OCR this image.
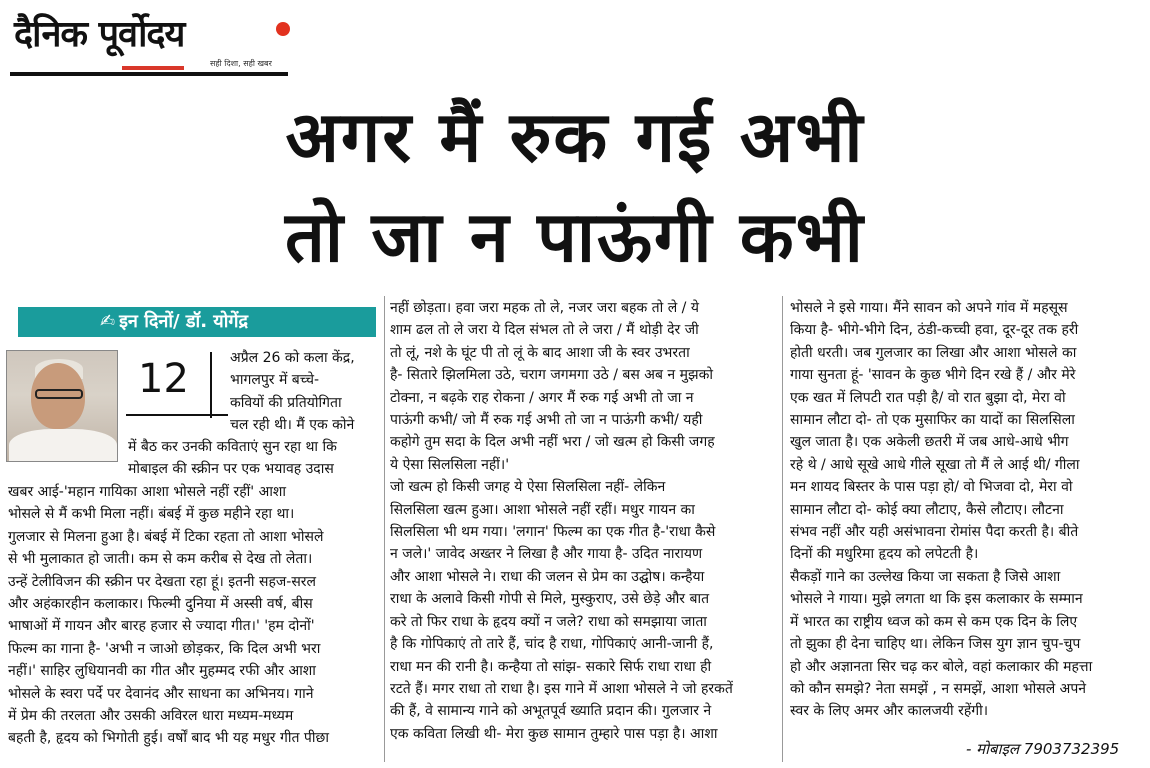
दैनिक पूर्वोदय
सही दिशा, सही खबर
अगर मैं रुक गई अभी
तो जा न पाऊंगी कभी
✍ इन दिनों/ डॉ. योगेंद्र
12	अप्रैल 26 को कला केंद्र,
भागलपुर में बच्चे-
कवियों की प्रतियोगिता
चल रही थी। मैं एक कोने
में बैठ कर उनकी कविताएं सुन रहा था कि
मोबाइल की स्क्रीन पर एक भयावह उदास
खबर आई-'महान गायिका आशा भोसले नहीं रहीं' आशा
भोसले से मैं कभी मिला नहीं। बंबई में कुछ महीने रहा था।
गुलजार से मिलना हुआ है। बंबई में टिका रहता तो आशा भोसले
से भी मुलाकात हो जाती। कम से कम करीब से देख तो लेता।
उन्हें टेलीविजन की स्क्रीन पर देखता रहा हूं। इतनी सहज-सरल
और अहंकारहीन कलाकार। फिल्मी दुनिया में अस्सी वर्ष, बीस
भाषाओं में गायन और बारह हजार से ज्यादा गीत।' 'हम दोनों'
फिल्म का गाना है- 'अभी न जाओ छोड़कर, कि दिल अभी भरा
नहीं।' साहिर लुधियानवी का गीत और मुहम्मद रफी और आशा
भोसले के स्वरा पर्दे पर देवानंद और साधना का अभिनय। गाने
में प्रेम की तरलता और उसकी अविरल धारा मध्यम-मध्यम
बहती है, हृदय को भिगोती हुई। वर्षों बाद भी यह मधुर गीत पीछा
नहीं छोड़ता। हवा जरा महक तो ले, नजर जरा बहक तो ले / ये
शाम ढल तो ले जरा ये दिल संभल तो ले जरा / मैं थोड़ी देर जी
तो लूं, नशे के घूंट पी तो लूं के बाद आशा जी के स्वर उभरता
है- सितारे झिलमिला उठे, चराग जगमगा उठे / बस अब न मुझको
टोक्ना, न बढ़के राह रोकना / अगर मैं रुक गई अभी तो जा न
पाऊंगी कभी/ जो मैं रुक गई अभी तो जा न पाऊंगी कभी/ यही
कहोगे तुम सदा के दिल अभी नहीं भरा / जो खत्म हो किसी जगह
ये ऐसा सिलसिला नहीं।'
जो खत्म हो किसी जगह ये ऐसा सिलसिला नहीं- लेकिन
सिलसिला खत्म हुआ। आशा भोसले नहीं रहीं। मधुर गायन का
सिलसिला भी थम गया। 'लगान' फिल्म का एक गीत है-'राधा कैसे
न जले।' जावेद अख्तर ने लिखा है और गाया है- उदित नारायण
और आशा भोसले ने। राधा की जलन से प्रेम का उद्घोष। कन्हैया
राधा के अलावे किसी गोपी से मिले, मुस्कुराए, उसे छेड़े और बात
करे तो फिर राधा के हृदय क्यों न जले? राधा को समझाया जाता
है कि गोपिकाएं तो तारे हैं, चांद है राधा, गोपिकाएं आनी-जानी हैं,
राधा मन की रानी है। कन्हैया तो सांझ- सकारे सिर्फ राधा राधा ही
रटते हैं। मगर राधा तो राधा है। इस गाने में आशा भोसले ने जो हरकतें
की हैं, वे सामान्य गाने को अभूतपूर्व ख्याति प्रदान की। गुलजार ने
एक कविता लिखी थी- मेरा कुछ सामान तुम्हारे पास पड़ा है। आशा
भोसले ने इसे गाया। मैंने सावन को अपने गांव में महसूस
किया है- भीगे-भीगे दिन, ठंडी-कच्ची हवा, दूर-दूर तक हरी
होती धरती। जब गुलजार का लिखा और आशा भोसले का
गाया सुनता हूं- 'सावन के कुछ भीगे दिन रखे हैं / और मेरे
एक खत में लिपटी रात पड़ी है/ वो रात बुझा दो, मेरा वो
सामान लौटा दो- तो एक मुसाफिर का यादों का सिलसिला
खुल जाता है। एक अकेली छतरी में जब आधे-आधे भीग
रहे थे / आधे सूखे आधे गीले सूखा तो मैं ले आई थी/ गीला
मन शायद बिस्तर के पास पड़ा हो/ वो भिजवा दो, मेरा वो
सामान लौटा दो- कोई क्या लौटाए, कैसे लौटाए। लौटना
संभव नहीं और यही असंभावना रोमांस पैदा करती है। बीते
दिनों की मधुरिमा हृदय को लपेटती है।
सैकड़ों गाने का उल्लेख किया जा सकता है जिसे आशा
भोसले ने गाया। मुझे लगता था कि इस कलाकार के सम्मान
में भारत का राष्ट्रीय ध्वज को कम से कम एक दिन के लिए
तो झुका ही देना चाहिए था। लेकिन जिस युग ज्ञान चुप-चुप
हो और अज्ञानता सिर चढ़ कर बोले, वहां कलाकार की महत्ता
को कौन समझे? नेता समझें , न समझें, आशा भोसले अपने
स्वर के लिए अमर और कालजयी रहेंगी।
- मोबाइल 7903732395
